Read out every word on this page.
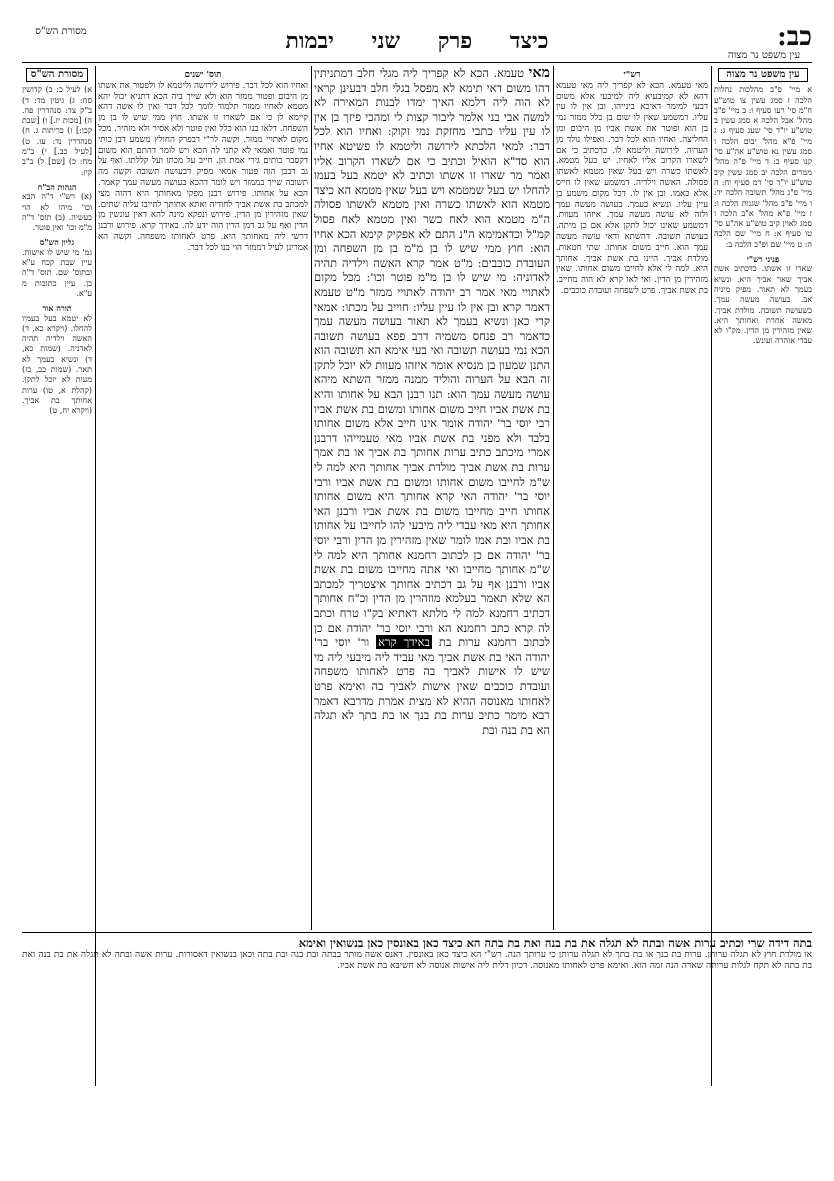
כב:
כיצד פרק שני יבמות
מסורת הש"ס
עין משפט נר מצוה
עין משפט נר מצוה
א מיי' פ"ב מהלכות נחלות הלכה ז סמג עשין צו טוש"ע ח"מ סי' רעו סעיף ו: ב מיי' פ"ב מהל' אבל הלכה א סמג עשין ב טוש"ע יו"ד סי' שעג סעיף ג: ג מיי' פ"א מהל' יבום הלכה ו סמג עשין נא טוש"ע אה"ע סי' קנו סעיף ב: ד מיי' פ"ה מהל' ממרים הלכה יב סמג עשין קיב טוש"ע יו"ד סי' רמ סעיף יח: ה מיי' פ"ג מהל' תשובה הלכה יד: ו מיי' פ"ב מהל' שגגות הלכה ו: ז מיי' פ"א מהל' א"ב הלכה ו סמג לאוין קיב טוש"ע אה"ע סי' טו סעיף א: ח מיי' שם הלכה ה: ט מיי' שם ופ"ב הלכה ב:
פניני רש"י
שארו זו אשתו. כדכתיב אשת אביך שאר אביך היא. ונשיא בעמך לא תאור. מפיק מיניה אב. בעושה מעשה עמך. כשעושה תשובה. מולדת אביך. מאשה אחרת ואחותך היא. שאין מזהירין מן הדין. מק"ו לא עבדי אזהרה ועונש.
רש"י
מאי טעמא. הכא לא קפריך ליה מאי טעמא דהא לא קמיבעיא ליה למיבעי אלא משום דבעי למימר דאיכא בינייהו. ובן אין לו עין עליו. דמשמע שאין לו שום בן כלל ממזר נמי בן הוא ופוטר את אשת אביו מן היבום ומן החליצה. ואחיו הוא לכל דבר. ואפילו נולד מן הערוה. לירושה וליטמא לו. כדכתיב כי אם לשארו הקרוב אליו לאחיו. יש בעל מטמא. לאשתו כשרה ויש בעל שאין מטמא לאשתו פסולה. האשה וילדיה. דמשמע שאין לו חייס אלא כאמו. ובן אין לו. דכל מקום משמע בן עיין עליו. ונשיא בעמך. בעושה מעשה עמך ולזה לא עושה מעשה עמך. איזהו מעוות. דמשמע שאינו יכול לתקן אלא אם כן מיתה. בעושה תשובה. דהשתא ודאי עושה מעשה עמך הוא. חייב משום אחותו. שתי חטאות. מולדת אביך. היינו בת אשת אביך. אחותך היא. למה לי אלא לחייבו משום אחותו. שאין מזהירין מן הדין. ואי לאו קרא לא הוה מחייב. בת אשת אביך. פרט לשפחה ועובדת כוכבים.
מאי טעמא. הכא לא קפריך ליה מגלי חלב דמתניתין דהו משום דאי תימא לא מפסל בגלי חלב דבעינן קראי לא הוה ליה דלמא האיך ימדו לבנות המאירה לא למשה אבי בני אלמר ליבור קצות לי ומהכי פיזך בן אין לו עין עליו כתבי מחזקת נמי זקוק: ואחיו הוא לכל דבר: למאי הלכתא לירושה וליטמא לו פשיטא אחיו הוא סד"א הואיל וכתיב כי אם לשארו הקרוב אליו ואמר מר שארו זו אשתו וכתיב לא יטמא בעל בעמו להחלו יש בעל שמטמא ויש בעל שאין מטמא הא כיצד מטמא הוא לאשתו כשרה ואין מטמא לאשתו פסולה ה"מ מטמא הוא לאח כשר ואין מטמא לאח פסול קמ"ל וכדאמימא ה"נ התם לא אפקיק קימא הכא אחיו הוא: חוץ ממי שיש לו בן מ"מ בן מן השפחה ומן העובדת כוכבים: מ"ט אמר קרא האשה וילדיה תהיה לאדוניה: מי שיש לו בן מ"מ פוטר וכו': מכל מקום לאתויי מאי אמר רב יהודה לאתויי ממזר מ"ט טעמא דאמר קרא ובן אין לו עיין עליו: חוייב על מכתו: אמאי קרי כאן ונשיא בעמך לא תאור בעושה מעשה עמך כדאמר רב פנחס משמיה דרב פפא בעושה תשובה הכא נמי בעושה תשובה ואי בעי אימא הא תשובה הוא התנן שמעון בן מנסיא אומר איזהו מעוות לא יוכל לתקן זה הבא על הערוה והוליד ממנה ממזר השתא מיהא עושה מעשה עמך הוא: תנו רבנן הבא על אחותו והיא בת אשת אביו חייב משום אחותו ומשום בת אשת אביו רבי יוסי בר' יהודה אומר אינו חייב אלא משום אחותו בלבד ולא מפני בת אשת אביו מאי טעמייהו דרבנן אמרי מיכתב כתיב ערות אחותך בת אביך או בת אמך ערות בת אשת אביך מולדת אביך אחותך היא למה לי ש"מ לחייבו משום אחותו ומשום בת אשת אביו ורבי יוסי בר' יהודה האי קרא אחותך היא משום אחותו אחותו חייב מחייבו משום בת אשת אביו ורבנן האי אחותך היא מאי עבדי ליה מיבעי להו לחייבו על אחותו בת אביו ובת אמו לומר שאין מזהירין מן הדין ורבי יוסי בר' יהודה אם כן לכתוב רחמנא אחותך היא למה לי ש"מ אחותך מחייבו ואי אתה מחייבו משום בת אשת אביו ורבנן אף על גב דכתיב אחותך איצטריך למכתב הא שלא תאמר בעלמא מוזהרין מן הדין וכ"ח אחותך דכתיב רחמנא למה לי מלתא דאתיא בק"ו טרח וכתב לה קרא כתב רחמנא הא ורבי יוסי בר' יהודה אם כן לכתוב רחמנא ערות בת באידך קרא ור' יוסי בר' יהודה האי בת אשת אביך מאי עביד ליה מיבעי ליה מי שיש לו אישות לאביך בה פרט לאחותו משפחה ועובדת כוכבים שאין אישות לאביך בה ואימא פרט לאחותו מאנוסה ההיא לא מצית אמרת מדרבא דאמר רבא מימר כתיב ערות בת בנך או בת בתך לא תגלה הא בת בנה ובת
תוס' ישנים
ואחיו הוא לכל דבר. פירוש לירושה וליטמא לו ולפטור את אשתו מן היבום ופטור ממזר הוא ולא שייך ביה הכא דתניא יכול יהא מטמא לאחיו ממזר תלמוד לומר לכל דבר ואין לו אשה דהא קיימא לן כי אם לשארו זו אשתו. חוץ ממי שיש לו בן מן השפחה. דלאו בנו הוא כלל ואין פוטר ולא אסיר ולא מזהיר. מכל מקום לאתויי ממזר. וקשה לר"י דבפרק החולץ משמע דבן כותי נמי פוטר ואמאי לא קתני לה הכא ויש לומר דהתם הוא משום דקסבר כותים גירי אמת הן. חייב על מכתו ועל קללתו. ואף על גב דבבן הוה פטור אמאי מסיק דבעושה תשובה וקשה מה תשובה שייך בממזר ויש לומר דהכא בעושה מעשה עמך קאמר. הבא על אחותו. פירוש רבנן מפקי מאחותך היא דהוה מצי למכתב בת אשת אביך לחודיה ואתא אחותך לחייבו עליה שתים. שאין מזהירין מן הדין. פירוש ונפקא מינה להא דאין עונשין מן הדין ואף על גב דמן הדין הוה ידע לה. באידך קרא. פירוש ורבנן דרשי ליה מאחותך היא. פרט לאחותו משפחה. וקשה הא אמרינן לעיל דממזר הוי בנו לכל דבר.
מסורת הש"ס
א) לעיל כ: ב) קדושין סח: ג) גיטין מד: ד) ב"ק צד: סנהדרין פה. ה) [מכות יז.] ו) [שבת קכו:] ז) כריתות ג. ח) סנהדרין נד: עו. ט) [לעיל כב.] י) ב"מ מח: כ) [שם] ל) ב"ב קיז:
הגהות הב"ח
(א) רש"י ד"ה הבא וכו' מיהו לא הוי בעשיה. (ב) תוס' ד"ה מ"מ וכו' ואין פוטר.
גליון הש"ס
גמ' מי שיש לו אישות. עיין שבת קכח ע"א ובתוס' שם. תוס' ד"ה בן. עיין כתובות מ ע"א.
תורה אור
לא יטמא בעל בעמיו להחלו. (ויקרא כא, ד) האשה וילדיה תהיה לאדניה. (שמות כא, ד) ונשיא בעמך לא תאר. (שמות כב, כז) מעות לא יוכל לתקן. (קהלת א, טו) ערות אחותך בת אביך. (ויקרא יח, ט)
בתה דידה שרי וכתיב ערות אשה ובתה לא תגלה את בת בנה ואת בת בתה הא כיצד כאן באונסין כאן בנשואין ואימא
או מולדת חוץ לא תגלה ערותן. ערות בת בנך או בת בתך לא תגלה ערותן כי ערותך הנה. רש"י הא כיצד כאן באונסין. דאנס אשה מותר בבתה ובת בנה ובת בתה וכאן בנשואין דאסורות. ערות אשה ובתה לא תגלה את בת בנה ואת בת בתה לא תקח לגלות ערותה שארה הנה זמה הוא. ואימא פרט לאחותו מאנוסה. דכיון דלית ליה אישות אנוסה לא חשיבא בת אשת אביו.
